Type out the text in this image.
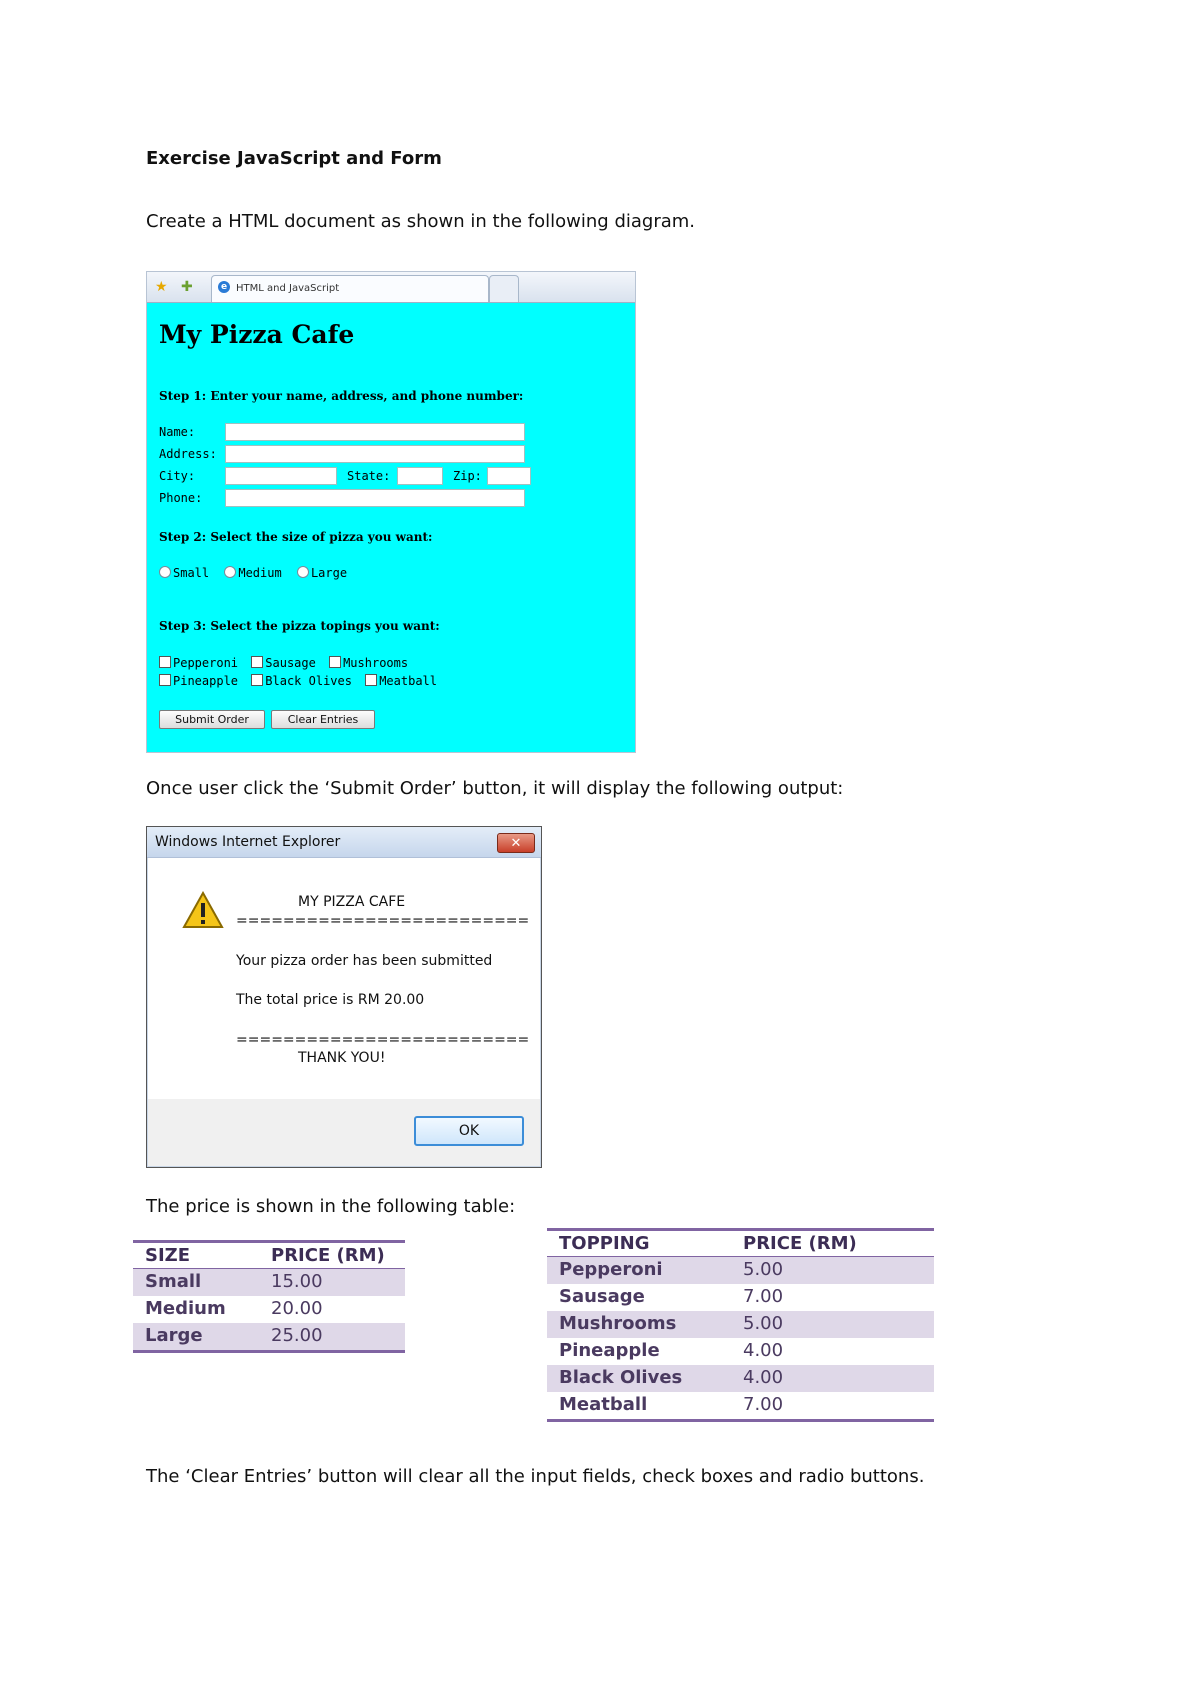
Exercise JavaScript and Form
Create a HTML document as shown in the following diagram.
★ ✚	e HTML and JavaScript
My Pizza Cafe
Step 1: Enter your name, address, and phone number:
Name:
Address:
City:	State:	Zip:
Phone:
Step 2: Select the size of pizza you want:
Small Medium Large
Step 3: Select the pizza topings you want:
Pepperoni Sausage Mushrooms
Pineapple Black Olives Meatball
Submit Order	Clear Entries
Once user click the ‘Submit Order’ button, it will display the following output:
Windows Internet Explorer	✕
MY PIZZA CAFE
=========================
Your pizza order has been submitted
The total price is RM 20.00
=========================
THANK YOU!
OK
The price is shown in the following table:
SIZE	PRICE (RM)
Small	15.00
Medium	20.00
Large	25.00
TOPPING	PRICE (RM)
Pepperoni	5.00
Sausage	7.00
Mushrooms	5.00
Pineapple	4.00
Black Olives	4.00
Meatball	7.00
The ‘Clear Entries’ button will clear all the input fields, check boxes and radio buttons.
